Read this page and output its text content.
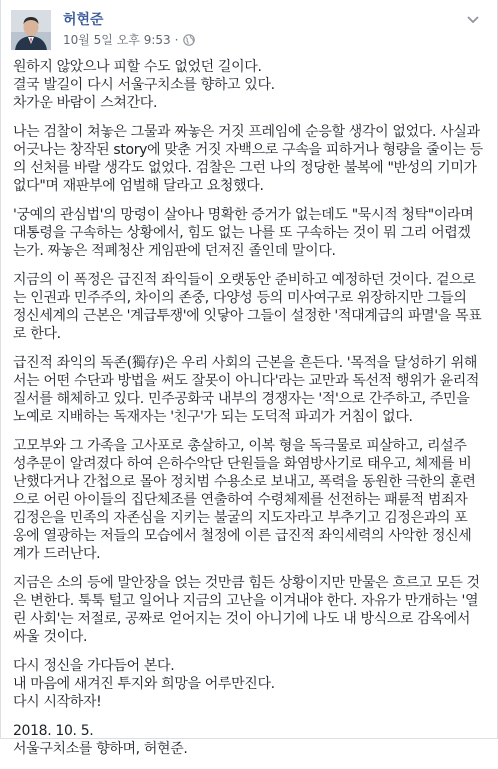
허현준
10월 5일 오후 9:53 ·
원하지 않았으나 피할 수도 없었던 길이다.
결국 발길이 다시 서울구치소를 향하고 있다.
차가운 바람이 스쳐간다.
나는 검찰이 쳐놓은 그물과 짜놓은 거짓 프레임에 순응할 생각이 없었다. 사실과
어긋나는 창작된 story에 맞춘 거짓 자백으로 구속을 피하거나 형량을 줄이는 등
의 선처를 바랄 생각도 없었다. 검찰은 그런 나의 정당한 불복에 "반성의 기미가
없다"며 재판부에 엄벌해 달라고 요청했다.
'궁예의 관심법'의 망령이 살아나 명확한 증거가 없는데도 "묵시적 청탁"이라며
대통령을 구속하는 상황에서, 힘도 없는 나를 또 구속하는 것이 뭐 그리 어렵겠
는가. 짜놓은 적폐청산 게임판에 던져진 졸인데 말이다.
지금의 이 폭정은 급진적 좌익들이 오랫동안 준비하고 예정하던 것이다. 겉으로
는 인권과 민주주의, 차이의 존중, 다양성 등의 미사여구로 위장하지만 그들의
정신세계의 근본은 '계급투쟁'에 잇닿아 그들이 설정한 '적대계급의 파멸'을 목표
로 한다.
급진적 좌익의 독존(獨存)은 우리 사회의 근본을 흔든다. '목적을 달성하기 위해
서는 어떤 수단과 방법을 써도 잘못이 아니다'라는 교만과 독선적 행위가 윤리적
질서를 해체하고 있다. 민주공화국 내부의 경쟁자는 '적'으로 간주하고, 주민을
노예로 지배하는 독재자는 '친구'가 되는 도덕적 파괴가 거침이 없다.
고모부와 그 가족을 고사포로 총살하고, 이복 형을 독극물로 피살하고, 리설주
성추문이 알려졌다 하여 은하수악단 단원들을 화염방사기로 태우고, 체제를 비
난했다거나 간첩으로 몰아 정치범 수용소로 보내고, 폭력을 동원한 극한의 훈련
으로 어린 아이들의 집단체조를 연출하여 수령체제를 선전하는 패륜적 범죄자
김정은을 민족의 자존심을 지키는 불굴의 지도자라고 부추기고 김정은과의 포
옹에 열광하는 저들의 모습에서 철정에 이른 급진적 좌익세력의 사악한 정신세
계가 드러난다.
지금은 소의 등에 말안장을 얹는 것만큼 힘든 상황이지만 만물은 흐르고 모든 것
은 변한다. 툭툭 털고 일어나 지금의 고난을 이겨내야 한다. 자유가 만개하는 '열
린 사회'는 저절로, 공짜로 얻어지는 것이 아니기에 나도 내 방식으로 감옥에서
싸울 것이다.
다시 정신을 가다듬어 본다.
내 마음에 새겨진 투지와 희망을 어루만진다.
다시 시작하자!
2018. 10. 5.
서울구치소를 향하며, 허현준.
